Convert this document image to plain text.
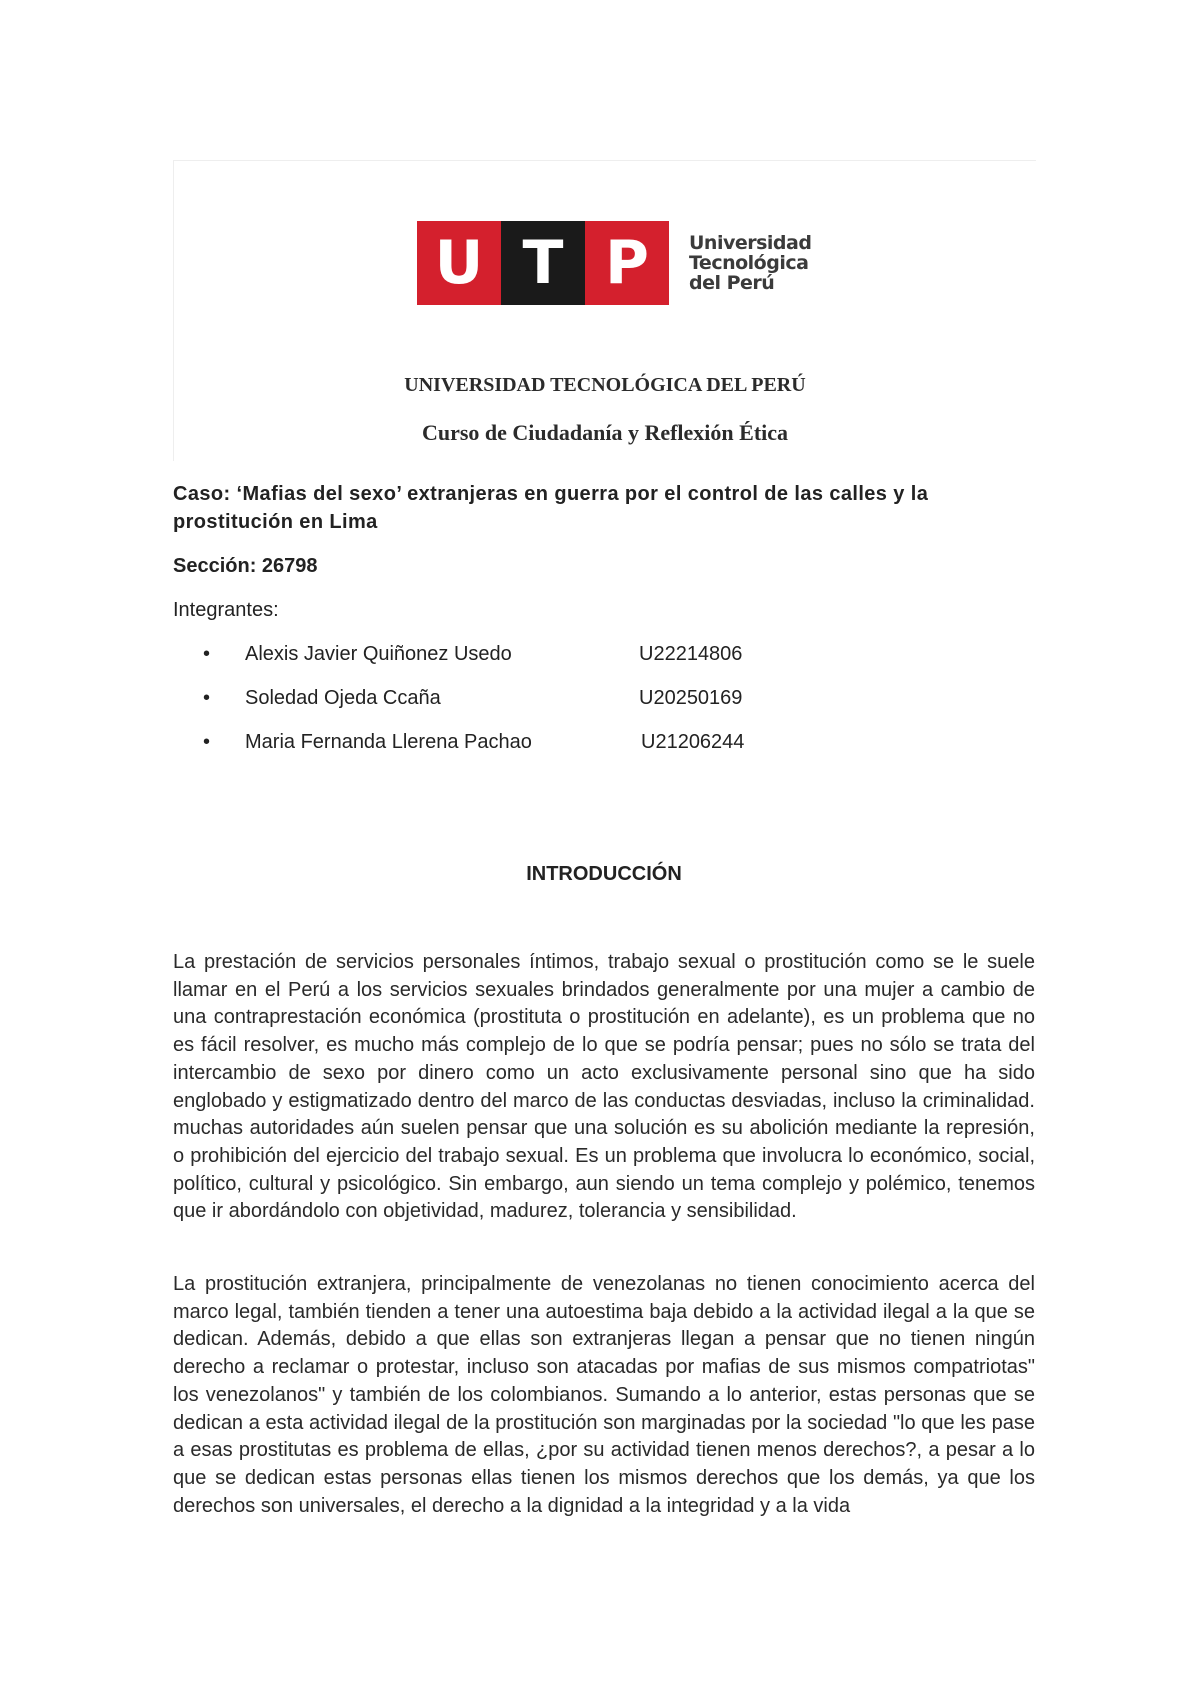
U T P	Universidad
Tecnológica
del Perú
UNIVERSIDAD TECNOLÓGICA DEL PERÚ
Curso de Ciudadanía y Reflexión Ética
Caso: ‘Mafias del sexo’ extranjeras en guerra por el control de las calles y la prostitución en Lima
Sección: 26798
Integrantes:
• Alexis Javier Quiñonez Usedo	U22214806
• Soledad Ojeda Ccaña	U20250169
• Maria Fernanda Llerena Pachao	U21206244
INTRODUCCIÓN
La prestación de servicios personales íntimos, trabajo sexual o prostitución como se le suele llamar en el Perú a los servicios sexuales brindados generalmente por una mujer a cambio de una contraprestación económica (prostituta o prostitución en adelante), es un problema que no es fácil resolver, es mucho más complejo de lo que se podría pensar; pues no sólo se trata del intercambio de sexo por dinero como un acto exclusivamente personal sino que ha sido englobado y estigmatizado dentro del marco de las conductas desviadas, incluso la criminalidad. muchas autoridades aún suelen pensar que una solución es su abolición mediante la represión, o prohibición del ejercicio del trabajo sexual. Es un problema que involucra lo económico, social, político, cultural y psicológico. Sin embargo, aun siendo un tema complejo y polémico, tenemos que ir abordándolo con objetividad, madurez, tolerancia y sensibilidad.
La prostitución extranjera, principalmente de venezolanas no tienen conocimiento acerca del marco legal, también tienden a tener una autoestima baja debido a la actividad ilegal a la que se dedican. Además, debido a que ellas son extranjeras llegan a pensar que no tienen ningún derecho a reclamar o protestar, incluso son atacadas por mafias de sus mismos compatriotas" los venezolanos" y también de los colombianos. Sumando a lo anterior, estas personas que se dedican a esta actividad ilegal de la prostitución son marginadas por la sociedad "lo que les pase a esas prostitutas es problema de ellas, ¿por su actividad tienen menos derechos?, a pesar a lo que se dedican estas personas ellas tienen los mismos derechos que los demás, ya que los derechos son universales, el derecho a la dignidad a la integridad y a la vida
